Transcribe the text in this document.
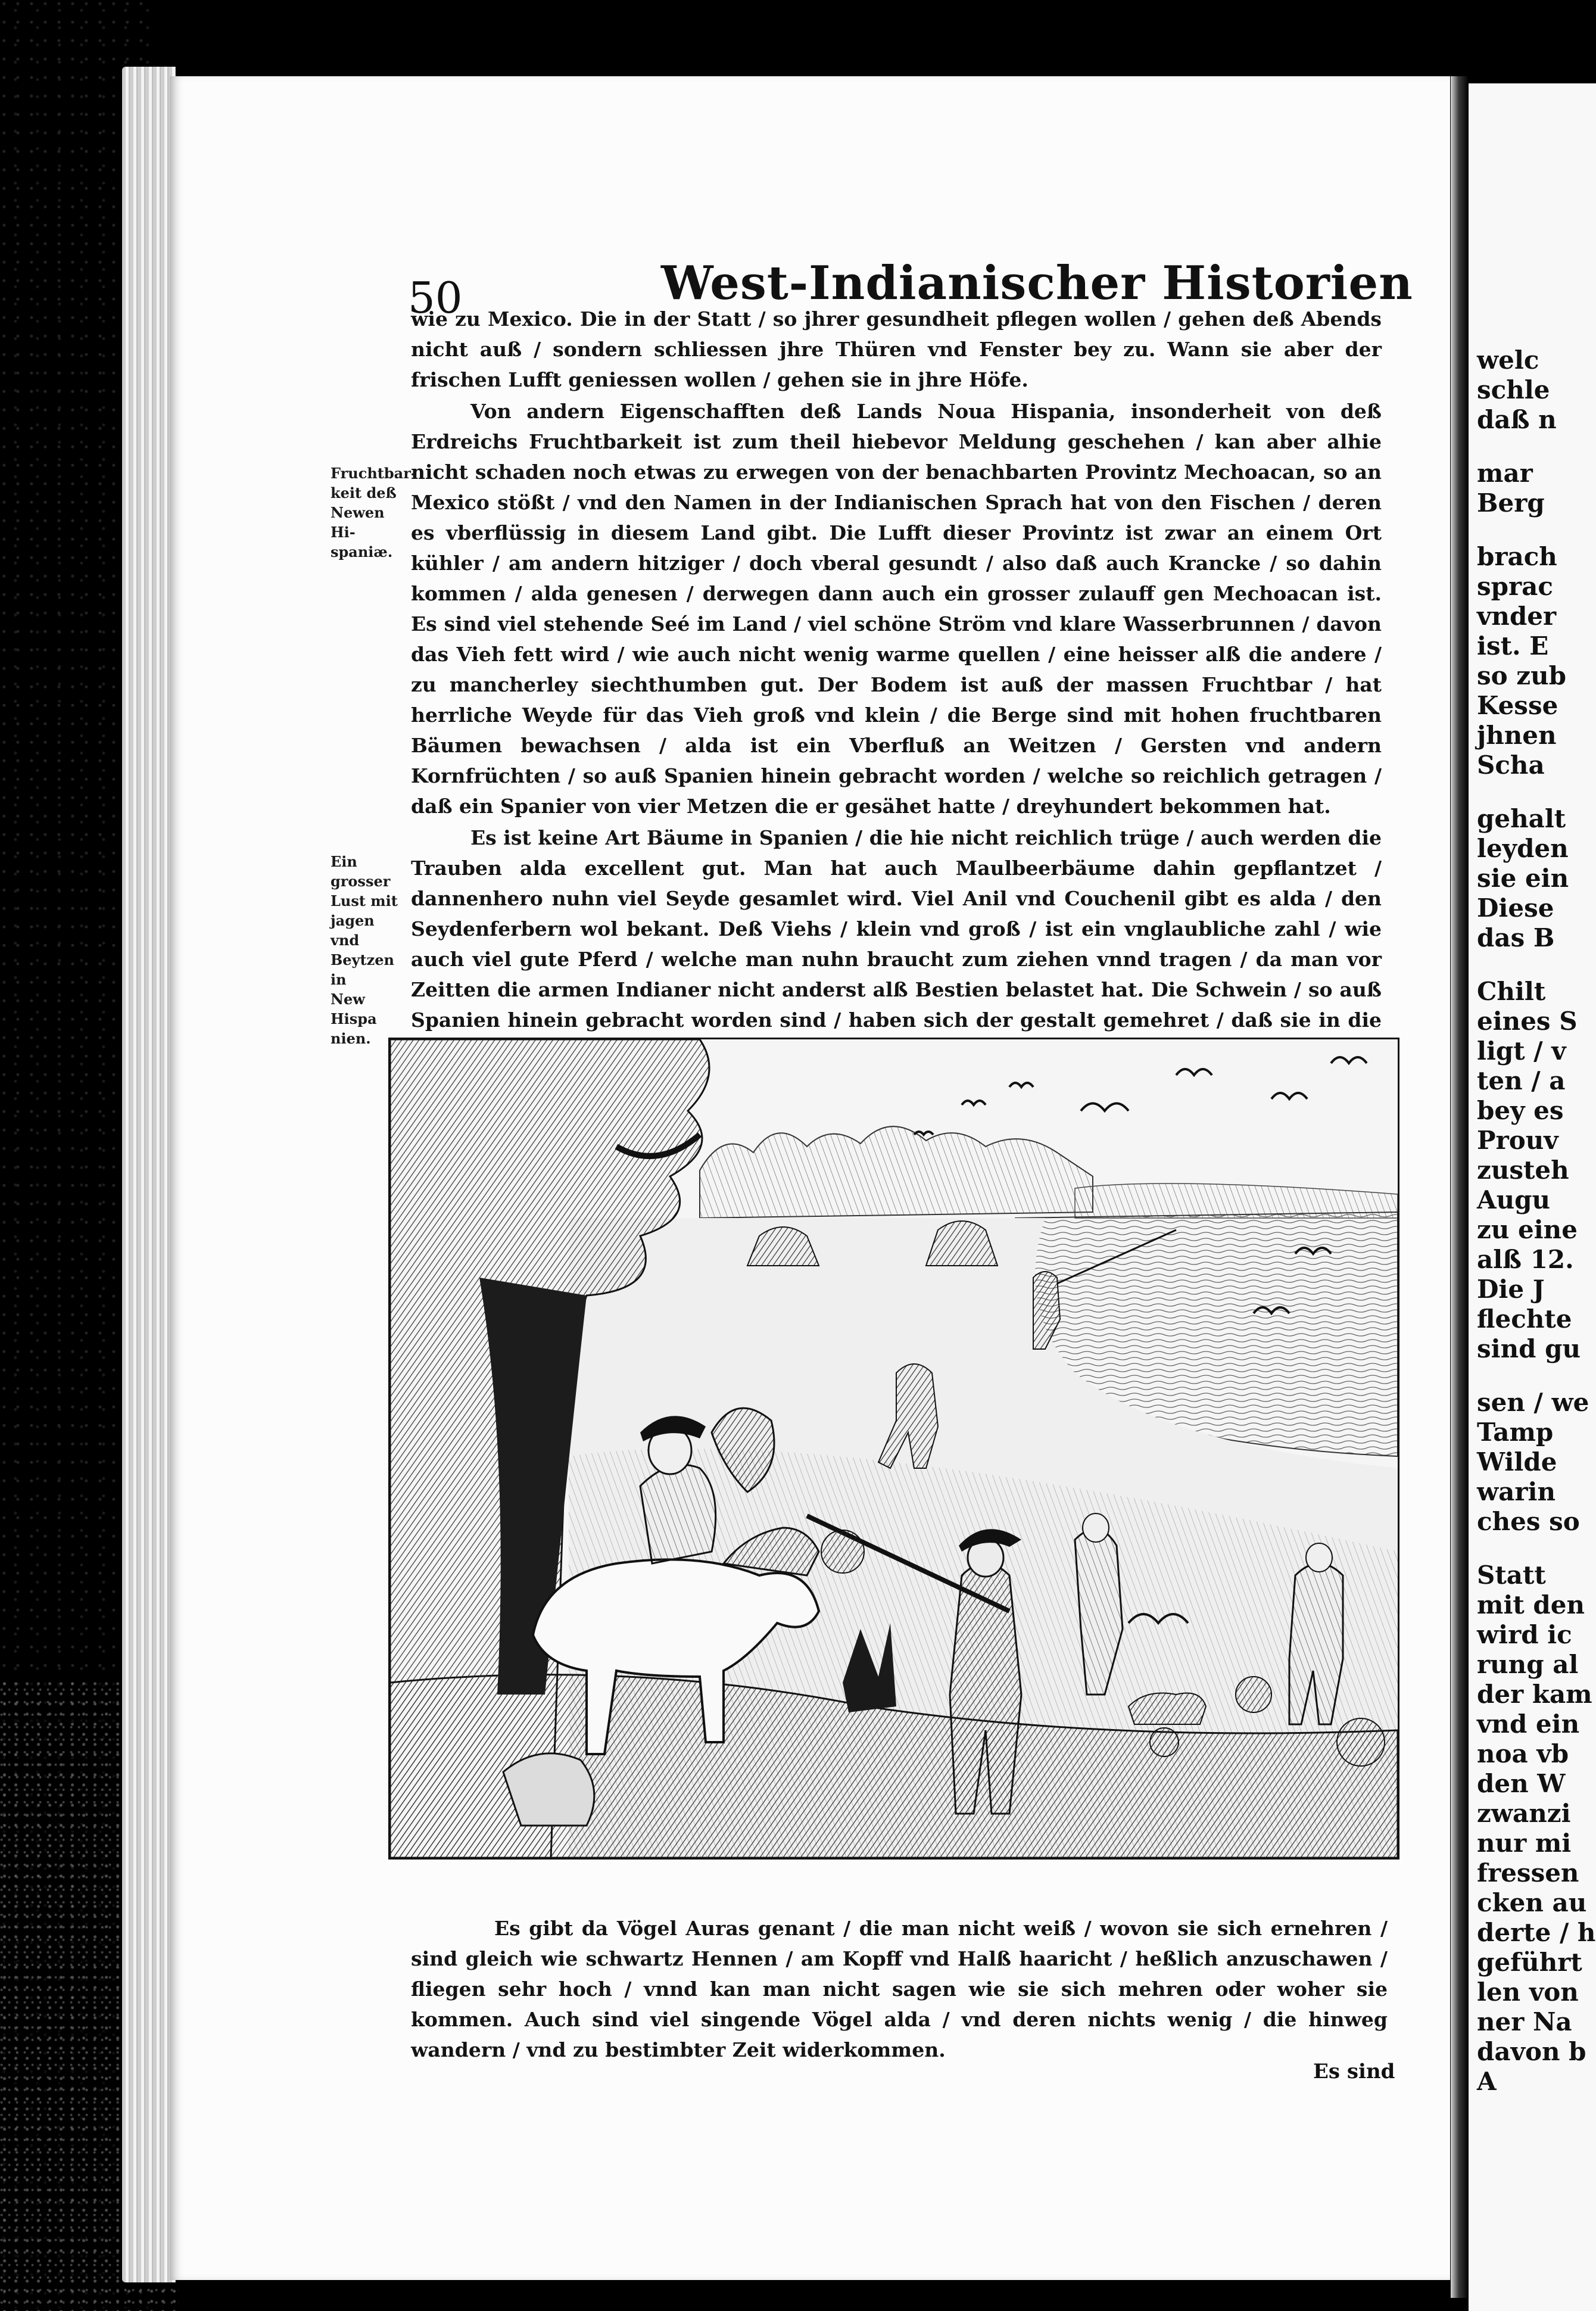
welc
schle
daß n
mar
Berg
brach
sprac
vnder
ist. E
so zub
Kesse
jhnen
Scha
gehalt
leyden
sie ein
Diese
das B
Chilt
eines S
ligt / v
ten / a
bey es
Prouv
zusteh
Augu
zu eine
alß 12.
Die J
flechte
sind gu
sen / we
Tamp
Wilde
warin
ches so
Statt
mit den
wird ic
rung al
der kam
vnd ein
noa vb
den W
zwanzi
nur mi
fressen
cken au
derte / h
geführt
len von
ner Na
davon b
A
50	West-Indianischer Historien
Fruchtbar-
keit deß
Newen Hi-
spaniæ.
Ein grosser
Lust mit
jagen vnd
Beytzen in
New Hispa
nien.

wie zu Mexico. Die in der Statt / so jhrer gesundheit pflegen wollen / gehen deß Abends nicht auß / sondern schliessen jhre Thüren vnd Fenster bey zu. Wann sie aber der frischen Lufft geniessen wollen / gehen sie in jhre Höfe.

Von andern Eigenschafften deß Lands Noua Hispania, insonderheit von deß Erdreichs Fruchtbarkeit ist zum theil hiebevor Meldung geschehen / kan aber alhie nicht schaden noch etwas zu erwegen von der benachbarten Provintz Mechoacan, so an Mexico stößt / vnd den Namen in der Indianischen Sprach hat von den Fischen / deren es vberflüssig in diesem Land gibt. Die Lufft dieser Provintz ist zwar an einem Ort kühler / am andern hitziger / doch vberal gesundt / also daß auch Krancke / so dahin kommen / alda genesen / derwegen dann auch ein grosser zulauff gen Mechoacan ist. Es sind viel stehende Seé im Land / viel schöne Ström vnd klare Wasserbrunnen / davon das Vieh fett wird / wie auch nicht wenig warme quellen / eine heisser alß die andere / zu mancherley siechthumben gut. Der Bodem ist auß der massen Fruchtbar / hat herrliche Weyde für das Vieh groß vnd klein / die Berge sind mit hohen fruchtbaren Bäumen bewachsen / alda ist ein Vberfluß an Weitzen / Gersten vnd andern Kornfrüchten / so auß Spanien hinein gebracht worden / welche so reichlich getragen / daß ein Spanier von vier Metzen die er gesähet hatte / dreyhundert bekommen hat.

Es ist keine Art Bäume in Spanien / die hie nicht reichlich trüge / auch werden die Trauben alda excellent gut. Man hat auch Maulbeerbäume dahin gepflantzet / dannenhero nuhn viel Seyde gesamlet wird. Viel Anil vnd Couchenil gibt es alda / den Seydenferbern wol bekant. Deß Viehs / klein vnd groß / ist ein vnglaubliche zahl / wie auch viel gute Pferd / welche man nuhn braucht zum ziehen vnnd tragen / da man vor Zeitten die armen Indianer nicht anderst alß Bestien belastet hat. Die Schwein / so auß Spanien hinein gebracht worden sind / haben sich der gestalt gemehret / daß sie in die

Es gibt da Vögel Auras genant / die man nicht weiß / wovon sie sich ernehren / sind gleich wie schwartz Hennen / am Kopff vnd Halß haaricht / heßlich anzuschawen / fliegen sehr hoch / vnnd kan man nicht sagen wie sie sich mehren oder woher sie kommen. Auch sind viel singende Vögel alda / vnd deren nichts wenig / die hinweg wandern / vnd zu bestimbter Zeit widerkommen.

Es sind
